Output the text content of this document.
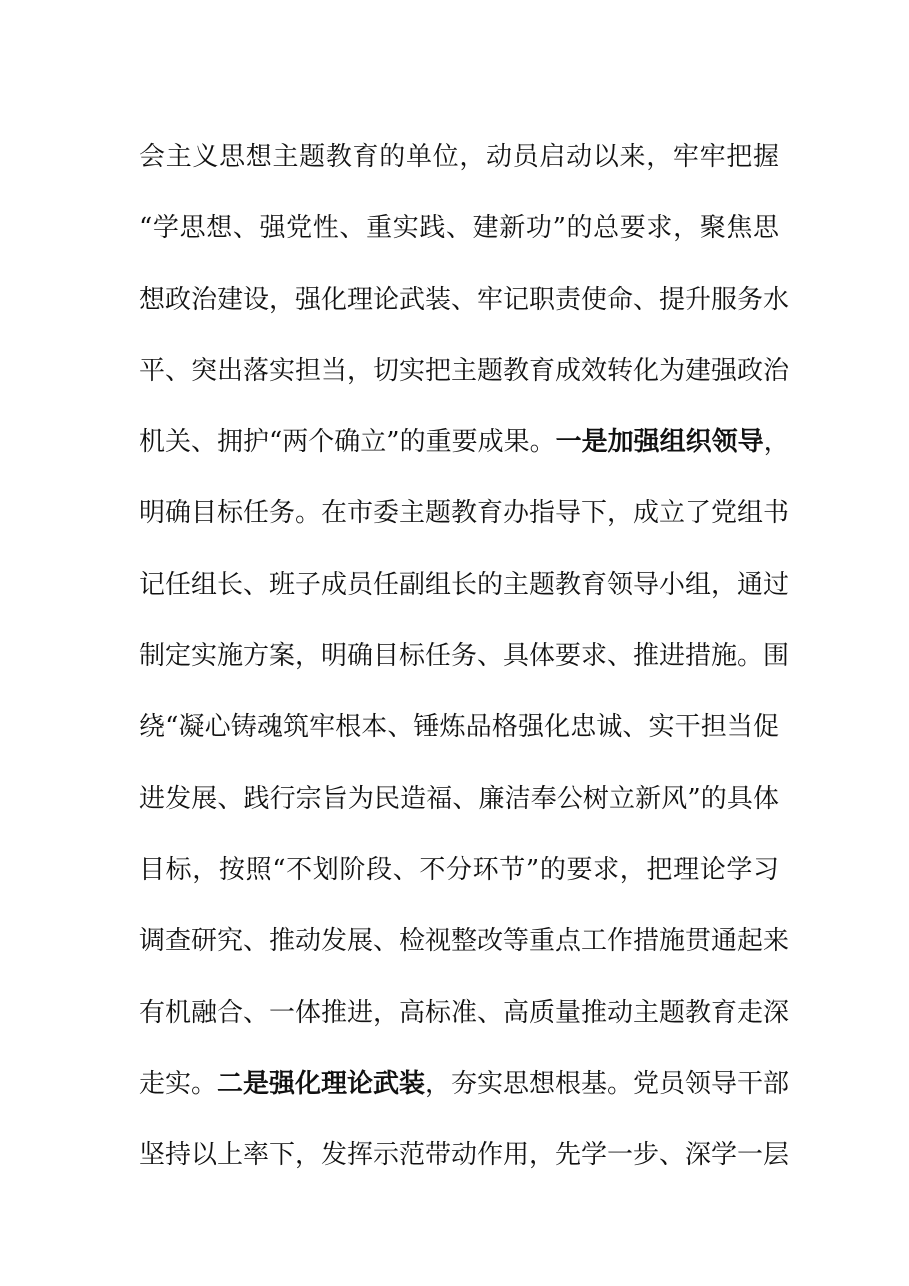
会主义思想主题教育的单位，动员启动以来，牢牢把握
“学思想、强党性、重实践、建新功”的总要求，聚焦思
想政治建设，强化理论武装、牢记职责使命、提升服务水
平、突出落实担当，切实把主题教育成效转化为建强政治
机关、拥护“两个确立”的重要成果。一是加强组织领导，
明确目标任务。在市委主题教育办指导下，成立了党组书
记任组长、班子成员任副组长的主题教育领导小组，通过
制定实施方案，明确目标任务、具体要求、推进措施。围
绕“凝心铸魂筑牢根本、锤炼品格强化忠诚、实干担当促
进发展、践行宗旨为民造福、廉洁奉公树立新风”的具体
目标，按照“不划阶段、不分环节”的要求，把理论学习
调查研究、推动发展、检视整改等重点工作措施贯通起来
有机融合、一体推进，高标准、高质量推动主题教育走深
走实。二是强化理论武装，夯实思想根基。党员领导干部
坚持以上率下，发挥示范带动作用，先学一步、深学一层
